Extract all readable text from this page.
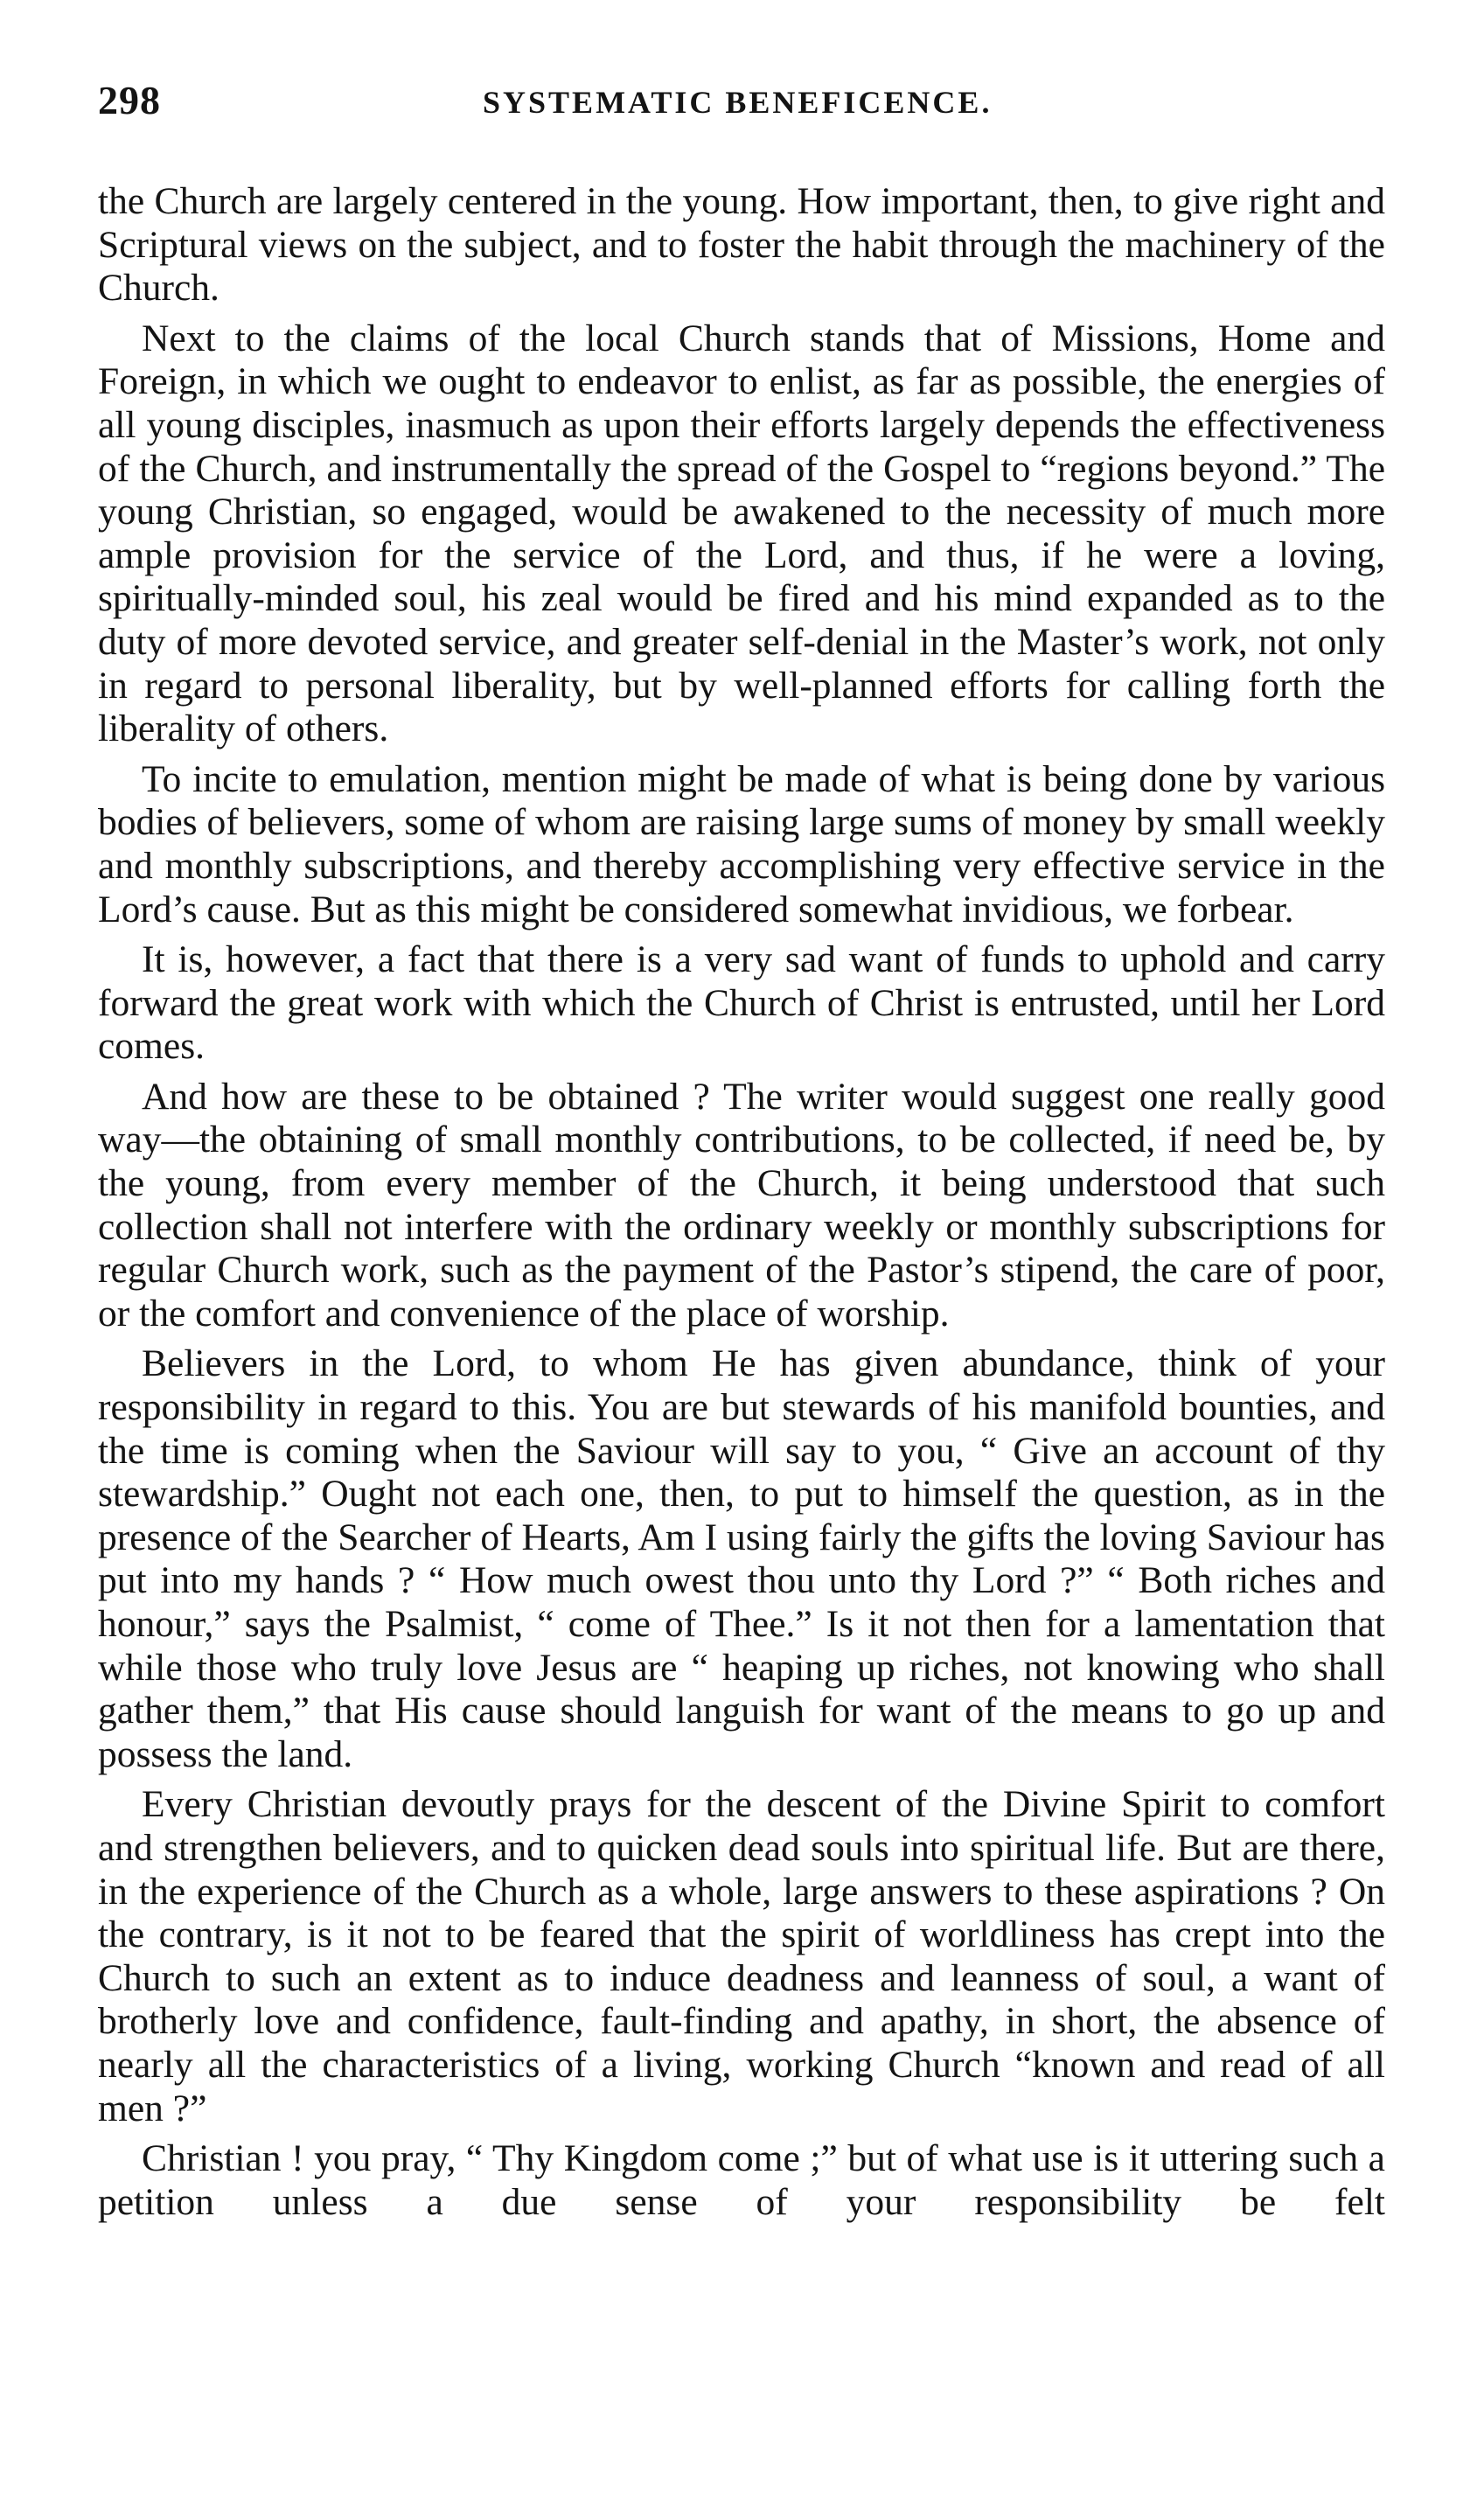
298	SYSTEMATIC BENEFICENCE.

the Church are largely centered in the young. How important, then, to give right and Scriptural views on the subject, and to foster the habit through the machinery of the Church.

Next to the claims of the local Church stands that of Missions, Home and Foreign, in which we ought to endeavor to enlist, as far as possible, the energies of all young disciples, inasmuch as upon their efforts largely depends the effectiveness of the Church, and instrumentally the spread of the Gospel to “regions beyond.” The young Christian, so engaged, would be awakened to the necessity of much more ample provision for the service of the Lord, and thus, if he were a loving, spiritually-minded soul, his zeal would be fired and his mind expanded as to the duty of more devoted service, and greater self-denial in the Master’s work, not only in regard to personal liberality, but by well-planned efforts for calling forth the liberality of others.

To incite to emulation, mention might be made of what is being done by various bodies of believers, some of whom are raising large sums of money by small weekly and monthly subscriptions, and thereby accomplishing very effective service in the Lord’s cause. But as this might be considered somewhat invidious, we forbear.

It is, however, a fact that there is a very sad want of funds to uphold and carry forward the great work with which the Church of Christ is entrusted, until her Lord comes.

And how are these to be obtained ? The writer would suggest one really good way—the obtaining of small monthly contributions, to be collected, if need be, by the young, from every member of the Church, it being understood that such collection shall not interfere with the ordinary weekly or monthly subscriptions for regular Church work, such as the payment of the Pastor’s stipend, the care of poor, or the comfort and convenience of the place of worship.

Believers in the Lord, to whom He has given abundance, think of your responsibility in regard to this. You are but stewards of his manifold bounties, and the time is coming when the Saviour will say to you, “ Give an account of thy stewardship.” Ought not each one, then, to put to himself the question, as in the presence of the Searcher of Hearts, Am I using fairly the gifts the loving Saviour has put into my hands ? “ How much owest thou unto thy Lord ?” “ Both riches and honour,” says the Psalmist, “ come of Thee.” Is it not then for a lamentation that while those who truly love Jesus are “ heaping up riches, not knowing who shall gather them,” that His cause should languish for want of the means to go up and possess the land.

Every Christian devoutly prays for the descent of the Divine Spirit to comfort and strengthen believers, and to quicken dead souls into spiritual life. But are there, in the experience of the Church as a whole, large answers to these aspirations ? On the contrary, is it not to be feared that the spirit of worldliness has crept into the Church to such an extent as to induce deadness and leanness of soul, a want of brotherly love and confidence, fault-finding and apathy, in short, the absence of nearly all the characteristics of a living, working Church “known and read of all men ?”

Christian ! you pray, “ Thy Kingdom come ;” but of what use is it uttering such a petition unless a due sense of your responsibility be felt
